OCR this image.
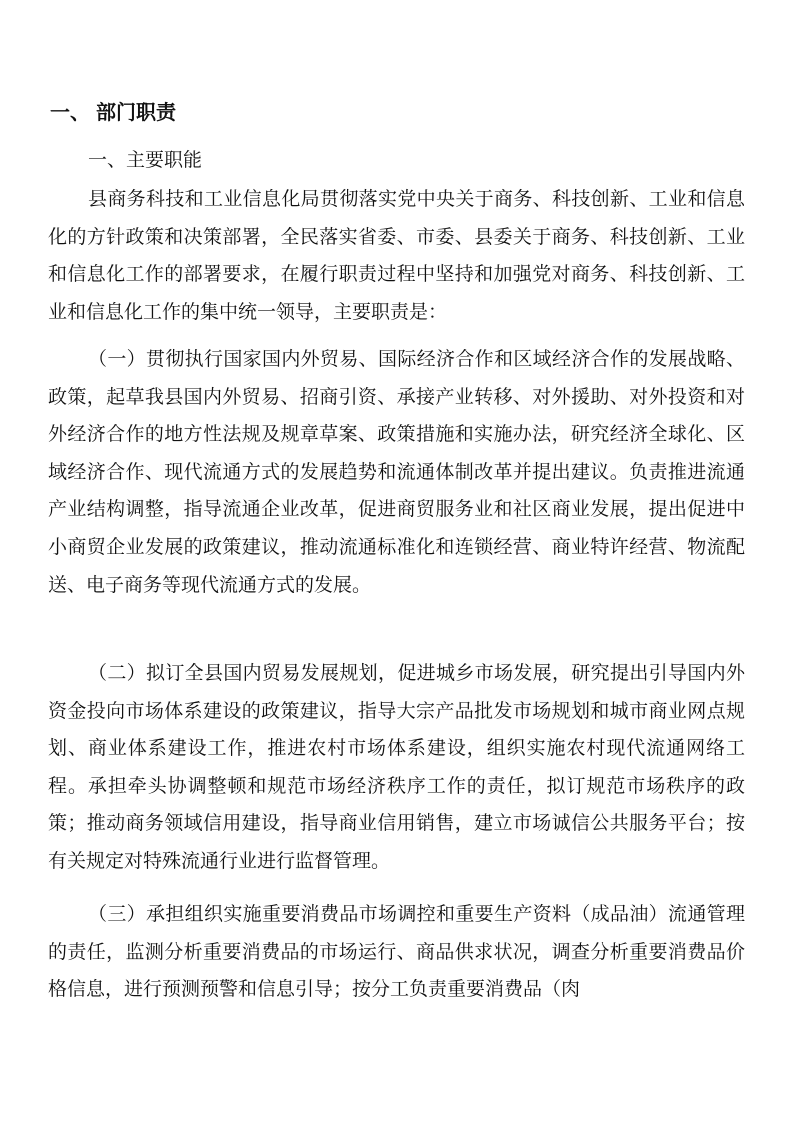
一、 部门职责
一、主要职能

县商务科技和工业信息化局贯彻落实党中央关于商务、科技创新、工业和信息化的方针政策和决策部署，全民落实省委、市委、县委关于商务、科技创新、工业和信息化工作的部署要求，在履行职责过程中坚持和加强党对商务、科技创新、工业和信息化工作的集中统一领导，主要职责是：

（一）贯彻执行国家国内外贸易、国际经济合作和区域经济合作的发展战略、政策，起草我县国内外贸易、招商引资、承接产业转移、对外援助、对外投资和对外经济合作的地方性法规及规章草案、政策措施和实施办法，研究经济全球化、区域经济合作、现代流通方式的发展趋势和流通体制改革并提出建议。负责推进流通产业结构调整，指导流通企业改革，促进商贸服务业和社区商业发展，提出促进中小商贸企业发展的政策建议，推动流通标准化和连锁经营、商业特许经营、物流配送、电子商务等现代流通方式的发展。

（二）拟订全县国内贸易发展规划，促进城乡市场发展，研究提出引导国内外资金投向市场体系建设的政策建议，指导大宗产品批发市场规划和城市商业网点规划、商业体系建设工作，推进农村市场体系建设，组织实施农村现代流通网络工程。承担牵头协调整顿和规范市场经济秩序工作的责任，拟订规范市场秩序的政策；推动商务领域信用建设，指导商业信用销售，建立市场诚信公共服务平台；按有关规定对特殊流通行业进行监督管理。

（三）承担组织实施重要消费品市场调控和重要生产资料（成品油）流通管理的责任，监测分析重要消费品的市场运行、商品供求状况，调查分析重要消费品价格信息，进行预测预警和信息引导；按分工负责重要消费品（肉
